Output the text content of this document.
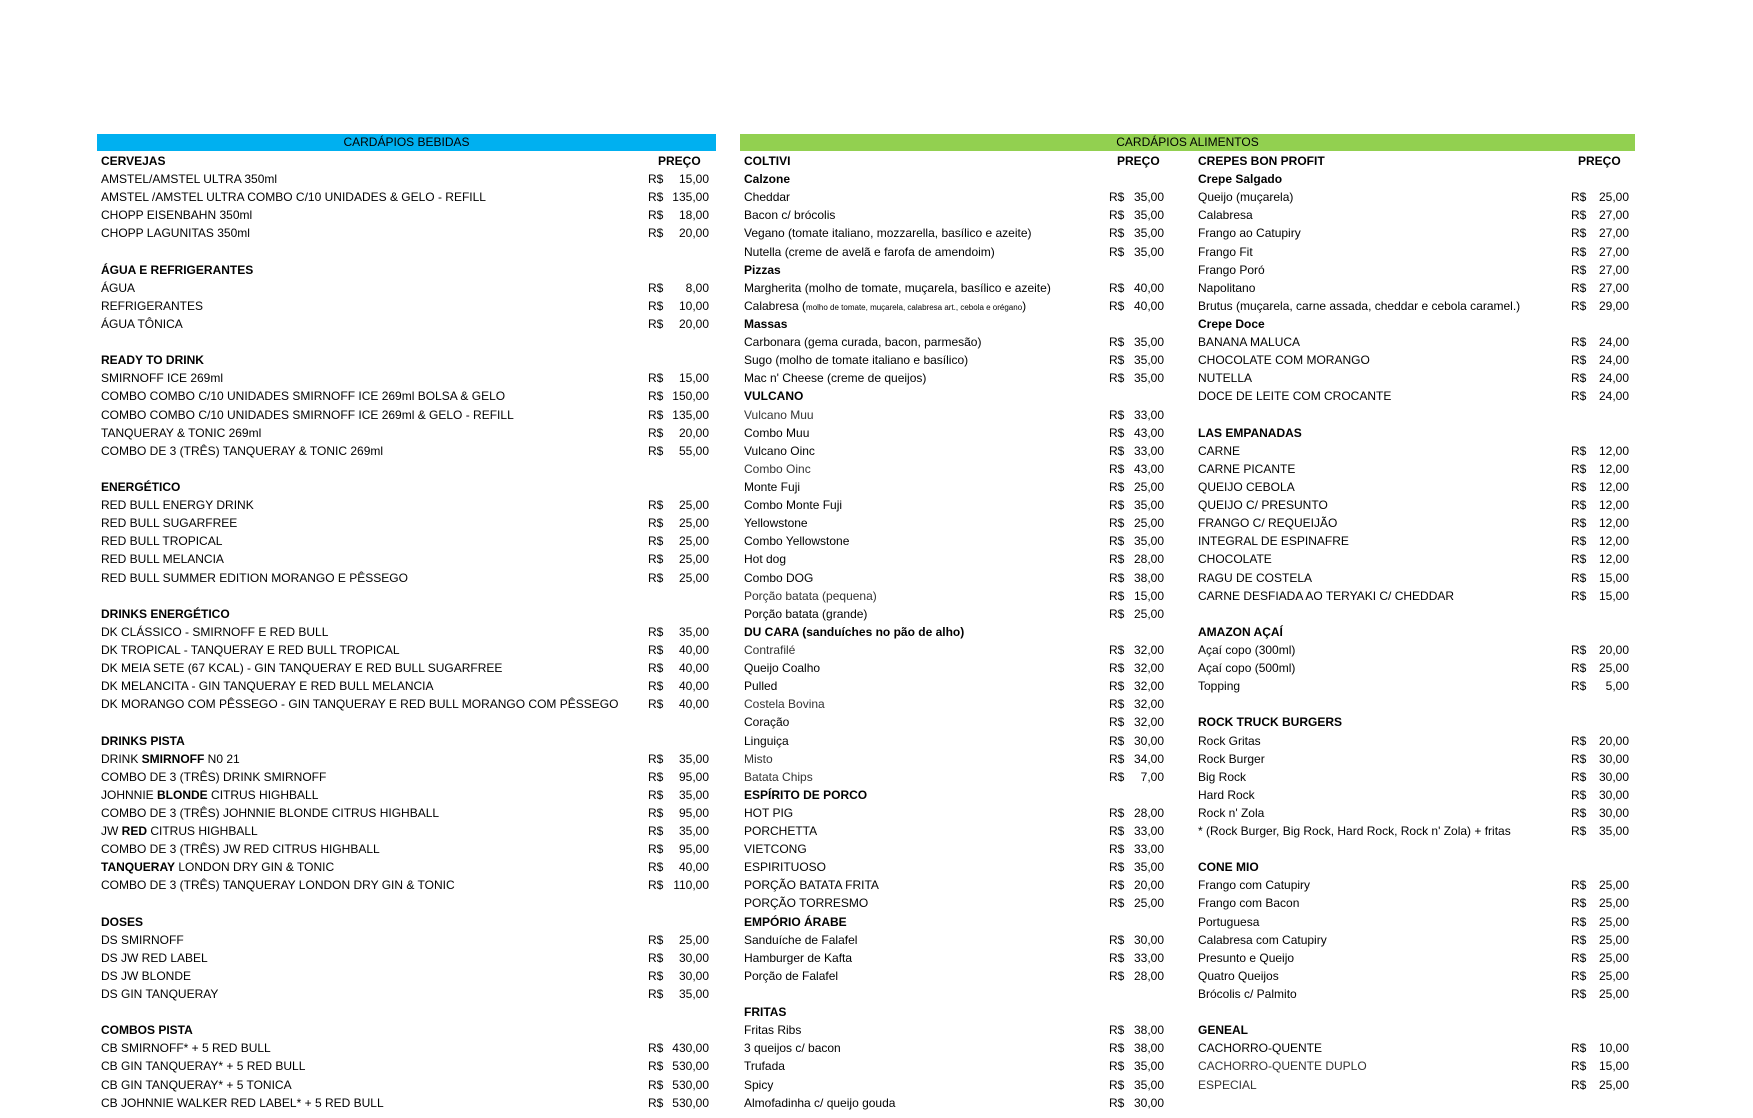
CARDÁPIOS BEBIDAS	CARDÁPIOS ALIMENTOS
CERVEJAS	PREÇO
AMSTEL/AMSTEL ULTRA 350ml	R$	15,00
AMSTEL /AMSTEL ULTRA COMBO C/10 UNIDADES & GELO - REFILL	R$ 135,00
CHOPP EISENBAHN 350ml	R$	18,00
CHOPP LAGUNITAS 350ml	R$	20,00
ÁGUA E REFRIGERANTES
ÁGUA	R$	8,00
REFRIGERANTES	R$	10,00
ÁGUA TÔNICA	R$	20,00
READY TO DRINK
SMIRNOFF ICE 269ml	R$	15,00
COMBO COMBO C/10 UNIDADES SMIRNOFF ICE 269ml BOLSA & GELO	R$ 150,00
COMBO COMBO C/10 UNIDADES SMIRNOFF ICE 269ml & GELO - REFILL	R$ 135,00
TANQUERAY & TONIC 269ml	R$	20,00
COMBO DE 3 (TRÊS) TANQUERAY & TONIC 269ml	R$	55,00
ENERGÉTICO
RED BULL ENERGY DRINK	R$	25,00
RED BULL SUGARFREE	R$	25,00
RED BULL TROPICAL	R$	25,00
RED BULL MELANCIA	R$	25,00
RED BULL SUMMER EDITION MORANGO E PÊSSEGO	R$	25,00
DRINKS ENERGÉTICO
DK CLÁSSICO - SMIRNOFF E RED BULL	R$	35,00
DK TROPICAL - TANQUERAY E RED BULL TROPICAL	R$	40,00
DK MEIA SETE (67 KCAL) - GIN TANQUERAY E RED BULL SUGARFREE	R$	40,00
DK MELANCITA - GIN TANQUERAY E RED BULL MELANCIA	R$	40,00
DK MORANGO COM PÊSSEGO - GIN TANQUERAY E RED BULL MORANGO COM PÊSSEGO	R$	40,00
DRINKS PISTA
DRINK SMIRNOFF N0 21	R$	35,00
COMBO DE 3 (TRÊS) DRINK SMIRNOFF	R$	95,00
JOHNNIE BLONDE CITRUS HIGHBALL	R$	35,00
COMBO DE 3 (TRÊS) JOHNNIE BLONDE CITRUS HIGHBALL	R$	95,00
JW RED CITRUS HIGHBALL	R$	35,00
COMBO DE 3 (TRÊS) JW RED CITRUS HIGHBALL	R$	95,00
TANQUERAY LONDON DRY GIN & TONIC	R$	40,00
COMBO DE 3 (TRÊS) TANQUERAY LONDON DRY GIN & TONIC	R$ 110,00
DOSES
DS SMIRNOFF	R$	25,00
DS JW RED LABEL	R$	30,00
DS JW BLONDE	R$	30,00
DS GIN TANQUERAY	R$	35,00
COMBOS PISTA
CB SMIRNOFF* + 5 RED BULL	R$ 430,00
CB GIN TANQUERAY* + 5 RED BULL	R$ 530,00
CB GIN TANQUERAY* + 5 TONICA	R$ 530,00
CB JOHNNIE WALKER RED LABEL* + 5 RED BULL	R$ 530,00
COLTIVI	PREÇO
Calzone
Cheddar	R$ 35,00
Bacon c/ brócolis	R$ 35,00
Vegano (tomate italiano, mozzarella, basílico e azeite)	R$ 35,00
Nutella (creme de avelã e farofa de amendoim)	R$ 35,00
Pizzas
Margherita (molho de tomate, muçarela, basílico e azeite)	R$ 40,00
Calabresa (molho de tomate, muçarela, calabresa art., cebola e orégano)	R$ 40,00
Massas
Carbonara (gema curada, bacon, parmesão)	R$ 35,00
Sugo (molho de tomate italiano e basílico)	R$ 35,00
Mac n' Cheese (creme de queijos)	R$ 35,00
VULCANO
Vulcano Muu	R$ 33,00
Combo Muu	R$ 43,00
Vulcano Oinc	R$ 33,00
Combo Oinc	R$ 43,00
Monte Fuji	R$ 25,00
Combo Monte Fuji	R$ 35,00
Yellowstone	R$ 25,00
Combo Yellowstone	R$ 35,00
Hot dog	R$ 28,00
Combo DOG	R$ 38,00
Porção batata (pequena)	R$ 15,00
Porção batata (grande)	R$ 25,00
DU CARA (sanduíches no pão de alho)
Contrafilé	R$ 32,00
Queijo Coalho	R$ 32,00
Pulled	R$ 32,00
Costela Bovina	R$ 32,00
Coração	R$ 32,00
Linguiça	R$ 30,00
Misto	R$ 34,00
Batata Chips	R$	7,00
ESPÍRITO DE PORCO
HOT PIG	R$ 28,00
PORCHETTA	R$ 33,00
VIETCONG	R$ 33,00
ESPIRITUOSO	R$ 35,00
PORÇÃO BATATA FRITA	R$ 20,00
PORÇÃO TORRESMO	R$ 25,00
EMPÓRIO ÁRABE
Sanduíche de Falafel	R$ 30,00
Hamburger de Kafta	R$ 33,00
Porção de Falafel	R$ 28,00
FRITAS
Fritas Ribs	R$ 38,00
3 queijos c/ bacon	R$ 38,00
Trufada	R$ 35,00
Spicy	R$ 35,00
Almofadinha c/ queijo gouda	R$ 30,00
CREPES BON PROFIT	PREÇO
Crepe Salgado
Queijo (muçarela)	R$	25,00
Calabresa	R$	27,00
Frango ao Catupiry	R$	27,00
Frango Fit	R$	27,00
Frango Poró	R$	27,00
Napolitano	R$	27,00
Brutus (muçarela, carne assada, cheddar e cebola caramel.)	R$	29,00
Crepe Doce
BANANA MALUCA	R$	24,00
CHOCOLATE COM MORANGO	R$	24,00
NUTELLA	R$	24,00
DOCE DE LEITE COM CROCANTE	R$	24,00
LAS EMPANADAS
CARNE	R$	12,00
CARNE PICANTE	R$	12,00
QUEIJO CEBOLA	R$	12,00
QUEIJO C/ PRESUNTO	R$	12,00
FRANGO C/ REQUEIJÃO	R$	12,00
INTEGRAL DE ESPINAFRE	R$	12,00
CHOCOLATE	R$	12,00
RAGU DE COSTELA	R$	15,00
CARNE DESFIADA AO TERYAKI C/ CHEDDAR	R$	15,00
AMAZON AÇAÍ
Açaí copo (300ml)	R$	20,00
Açaí copo (500ml)	R$	25,00
Topping	R$	5,00
ROCK TRUCK BURGERS
Rock Gritas	R$	20,00
Rock Burger	R$	30,00
Big Rock	R$	30,00
Hard Rock	R$	30,00
Rock n' Zola	R$	30,00
* (Rock Burger, Big Rock, Hard Rock, Rock n' Zola) + fritas	R$	35,00
CONE MIO
Frango com Catupiry	R$	25,00
Frango com Bacon	R$	25,00
Portuguesa	R$	25,00
Calabresa com Catupiry	R$	25,00
Presunto e Queijo	R$	25,00
Quatro Queijos	R$	25,00
Brócolis c/ Palmito	R$	25,00
GENEAL
CACHORRO-QUENTE	R$	10,00
CACHORRO-QUENTE DUPLO	R$	15,00
ESPECIAL	R$	25,00
